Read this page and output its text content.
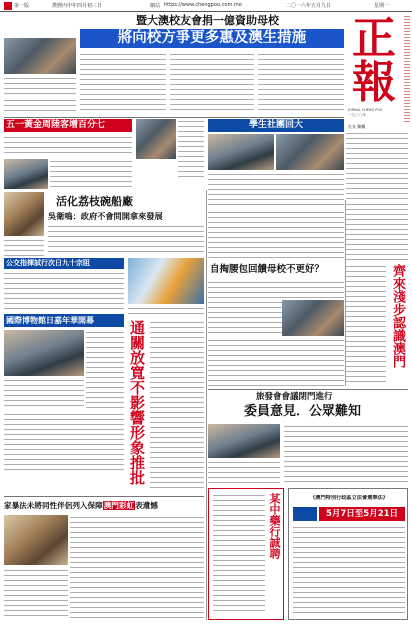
第一版	農曆丙申年四月初三日	網站 https://www.chengpou.com.mo	二〇一六年五月九日	星期一
正
報
JORNAL CHENG POU
一九三八年
社長 陳鵬
暨大澳校友會捐一億資助母校
將向校方爭更多惠及澳生措施
五一黃金周陸客增百分七	學生社團回大
活化荔枝碗船廠
吳衛鳴：政府不會問開拿來發展
公交指揮試行次日九十宗阻
國際博物館日嘉年華開幕	通關放寬不影響形象推批
家暴法未將同性伴侶列入保障澳門彩虹表遺憾
自掏腰包回饋母校不更好？
旅發會會議閉門進行
委員意見．公眾難知
齊來淺步認識澳門
某中藥行誠聘	《澳門特別行政區立法會選舉法》
5月7日至5月21日
